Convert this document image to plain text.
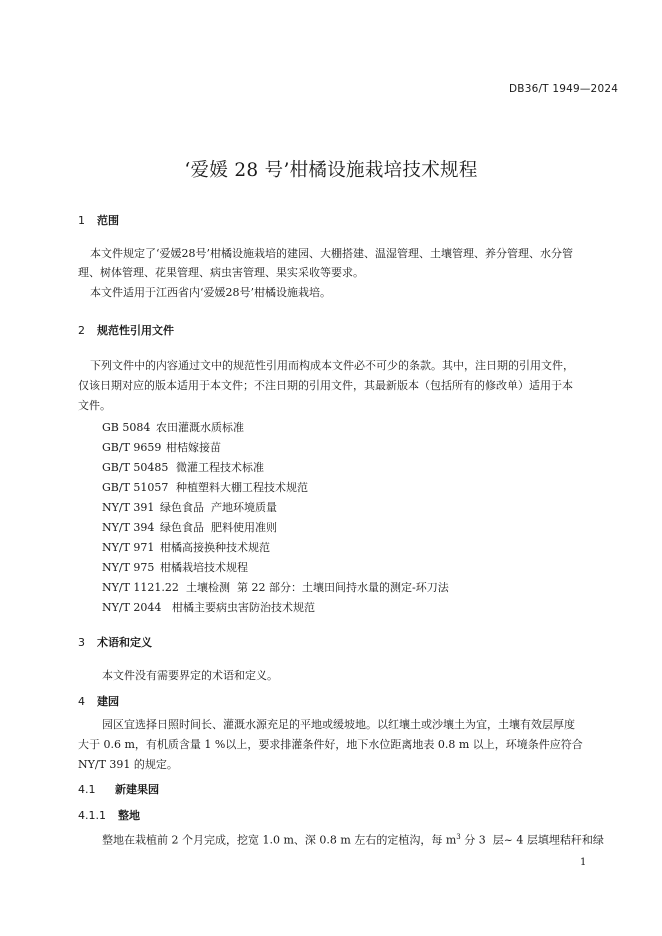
DB36/T 1949—2024
‘爱媛 28 号’柑橘设施栽培技术规程
1 范围
本文件规定了‘爱媛28号’柑橘设施栽培的建园、大棚搭建、温湿管理、土壤管理、养分管理、水分管
理、树体管理、花果管理、病虫害管理、果实采收等要求。
本文件适用于江西省内‘爱媛28号’柑橘设施栽培。
2 规范性引用文件
下列文件中的内容通过文中的规范性引用而构成本文件必不可少的条款。其中，注日期的引用文件，
仅该日期对应的版本适用于本文件；不注日期的引用文件，其最新版本（包括所有的修改单）适用于本
文件。
GB 5084 农田灌溉水质标准
GB/T 9659 柑桔嫁接苗
GB/T 50485 微灌工程技术标准
GB/T 51057 种植塑料大棚工程技术规范
NY/T 391 绿色食品  产地环境质量
NY/T 394 绿色食品  肥料使用准则
NY/T 971 柑橘高接换种技术规范
NY/T 975 柑橘栽培技术规程
NY/T 1121.22 土壤检测  第 22 部分：土壤田间持水量的测定-环刀法
NY/T 2044 柑橘主要病虫害防治技术规范
3 术语和定义
本文件没有需要界定的术语和定义。
4 建园
园区宜选择日照时间长、灌溉水源充足的平地或缓坡地。以红壤土或沙壤土为宜，土壤有效层厚度
大于 0.6 m，有机质含量 1 %以上，要求排灌条件好，地下水位距离地表 0.8 m 以上，环境条件应符合
NY/T 391 的规定。
4.1 新建果园
4.1.1 整地
整地在栽植前 2 个月完成，挖宽 1.0 m、深 0.8 m 左右的定植沟，每 $m^3$ 分 3  层~ 4 层填埋秸秆和绿
1
